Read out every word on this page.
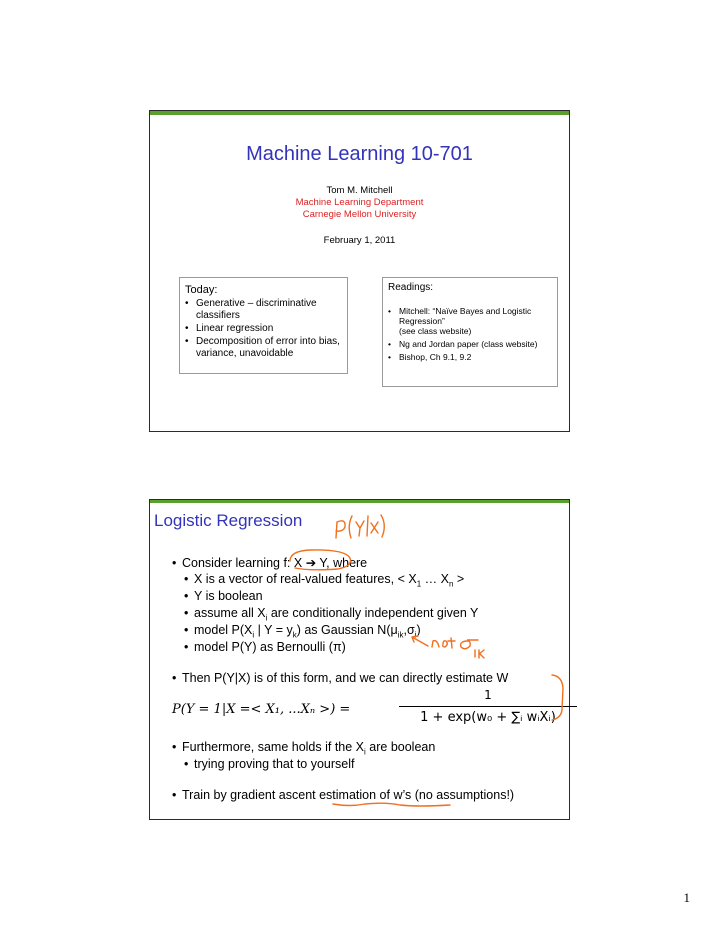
Machine Learning 10-701
Tom M. Mitchell
Machine Learning Department
Carnegie Mellon University
February 1, 2011
Today:
• Generative – discriminative classifiers
• Linear regression
• Decomposition of error into bias, variance, unavoidable
Readings:
• Mitchell: “Naïve Bayes and Logistic Regression”
(see class website)
• Ng and Jordan paper (class website)
• Bishop, Ch 9.1, 9.2
Logistic Regression
• Consider learning f: X ➔ Y, where
• X is a vector of real-valued features, < $X_1$ … $X_n$ >
• Y is boolean
• assume all $X_i$ are conditionally independent given Y
• model $P(X_i$ | $Y = y_k$) as Gaussian $N(\mu_{ik},\sigma_i)$
• model P(Y) as Bernoulli (π)
• Then P(Y|X) is of this form, and we can directly estimate W
P(Y = 1|X =< X₁, ...Xₙ >) =
1
1 + exp(w₀ + ∑ᵢ wᵢXᵢ)
• Furthermore, same holds if the $X_i$ are boolean
• trying proving that to yourself
• Train by gradient ascent estimation of w’s (no assumptions!)
1
